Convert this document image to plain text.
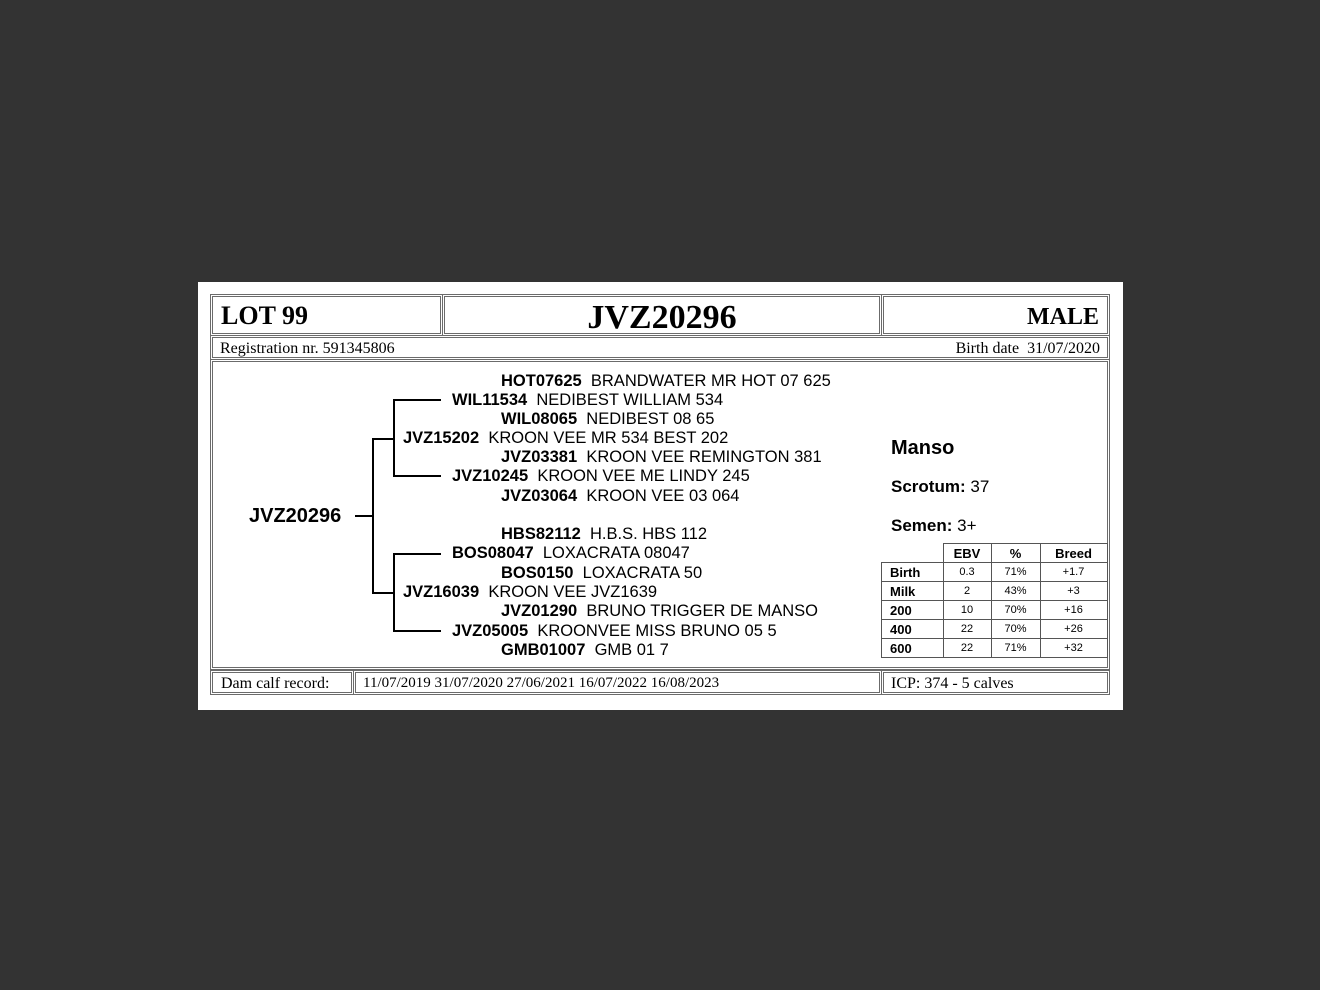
LOT 99	JVZ20296	MALE
Registration nr. 591345806	Birth date 31/07/2020
JVZ20296
HOT07625 BRANDWATER MR HOT 07 625
WIL11534 NEDIBEST WILLIAM 534
WIL08065 NEDIBEST 08 65
JVZ15202 KROON VEE MR 534 BEST 202
JVZ03381 KROON VEE REMINGTON 381
JVZ10245 KROON VEE ME LINDY 245
JVZ03064 KROON VEE 03 064
HBS82112 H.B.S. HBS 112
BOS08047 LOXACRATA 08047
BOS0150 LOXACRATA 50
JVZ16039 KROON VEE JVZ1639
JVZ01290 BRUNO TRIGGER DE MANSO
JVZ05005 KROONVEE MISS BRUNO 05 5
GMB01007 GMB 01 7
Manso
Scrotum: 37
Semen: 3+
	EBV	%	Breed
Birth	0.3	71%	+1.7
Milk	2	43%	+3
200	10	70%	+16
400	22	70%	+26
600	22	71%	+32
Dam calf record: 11/07/2019 31/07/2020 27/06/2021 16/07/2022 16/08/2023	ICP: 374 - 5 calves
